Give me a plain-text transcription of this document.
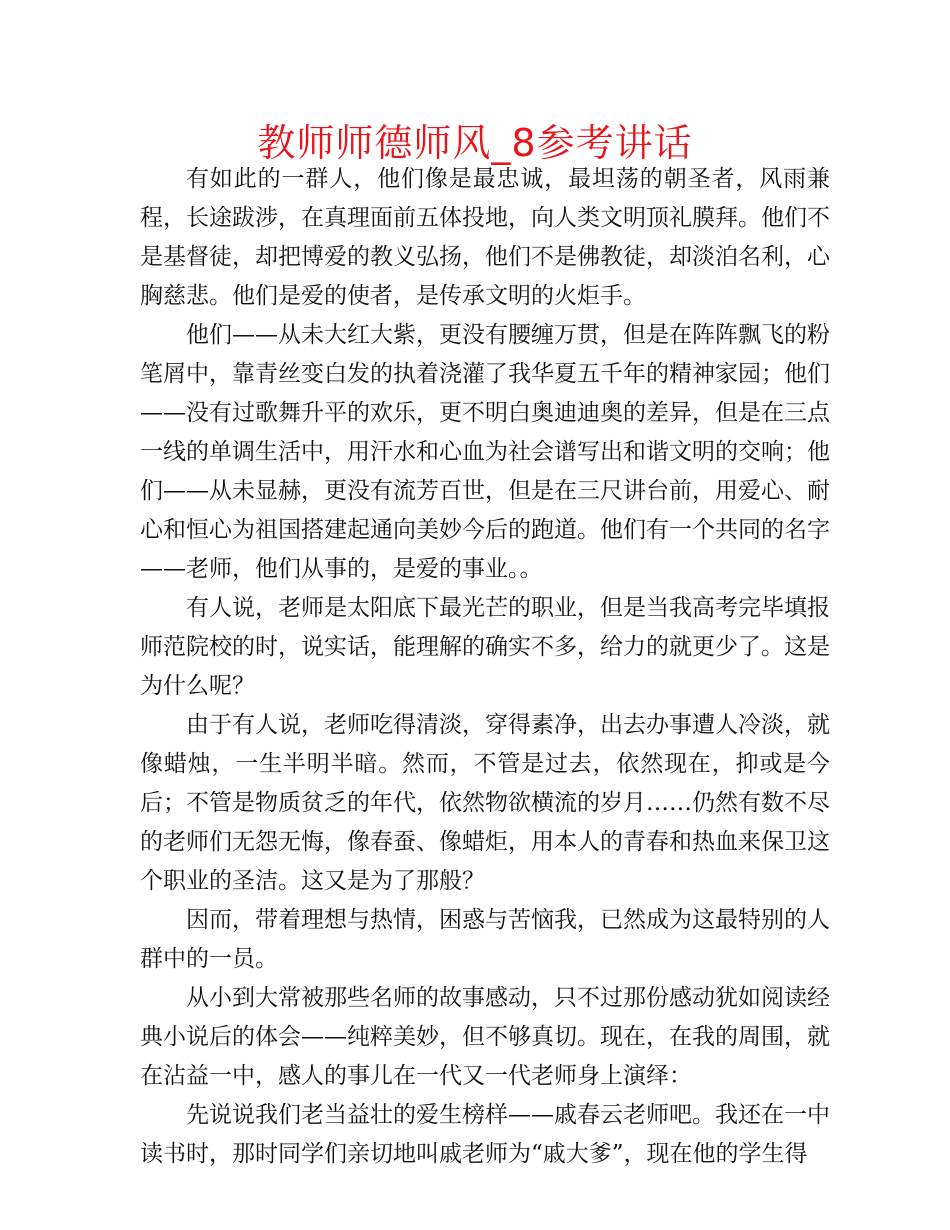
教师师德师风_8参考讲话

有如此的一群人，他们像是最忠诚，最坦荡的朝圣者，风雨兼程，长途跋涉，在真理面前五体投地，向人类文明顶礼膜拜。他们不是基督徒，却把博爱的教义弘扬，他们不是佛教徒，却淡泊名利，心胸慈悲。他们是爱的使者，是传承文明的火炬手。

他们——从未大红大紫，更没有腰缠万贯，但是在阵阵飘飞的粉笔屑中，靠青丝变白发的执着浇灌了我华夏五千年的精神家园；他们——没有过歌舞升平的欢乐，更不明白奥迪迪奥的差异，但是在三点一线的单调生活中，用汗水和心血为社会谱写出和谐文明的交响；他们——从未显赫，更没有流芳百世，但是在三尺讲台前，用爱心、耐心和恒心为祖国搭建起通向美妙今后的跑道。他们有一个共同的名字——老师，他们从事的，是爱的事业。。

有人说，老师是太阳底下最光芒的职业，但是当我高考完毕填报师范院校的时，说实话，能理解的确实不多，给力的就更少了。这是为什么呢？

由于有人说，老师吃得清淡，穿得素净，出去办事遭人冷淡，就像蜡烛，一生半明半暗。然而，不管是过去，依然现在，抑或是今后；不管是物质贫乏的年代，依然物欲横流的岁月……仍然有数不尽的老师们无怨无悔，像春蚕、像蜡炬，用本人的青春和热血来保卫这个职业的圣洁。这又是为了那般？

因而，带着理想与热情，困惑与苦恼我，已然成为这最特别的人群中的一员。

从小到大常被那些名师的故事感动，只不过那份感动犹如阅读经典小说后的体会——纯粹美妙，但不够真切。现在，在我的周围，就在沾益一中，感人的事儿在一代又一代老师身上演绎：

先说说我们老当益壮的爱生榜样——戚春云老师吧。我还在一中读书时，那时同学们亲切地叫戚老师为“戚大爹”，现在他的学生得
